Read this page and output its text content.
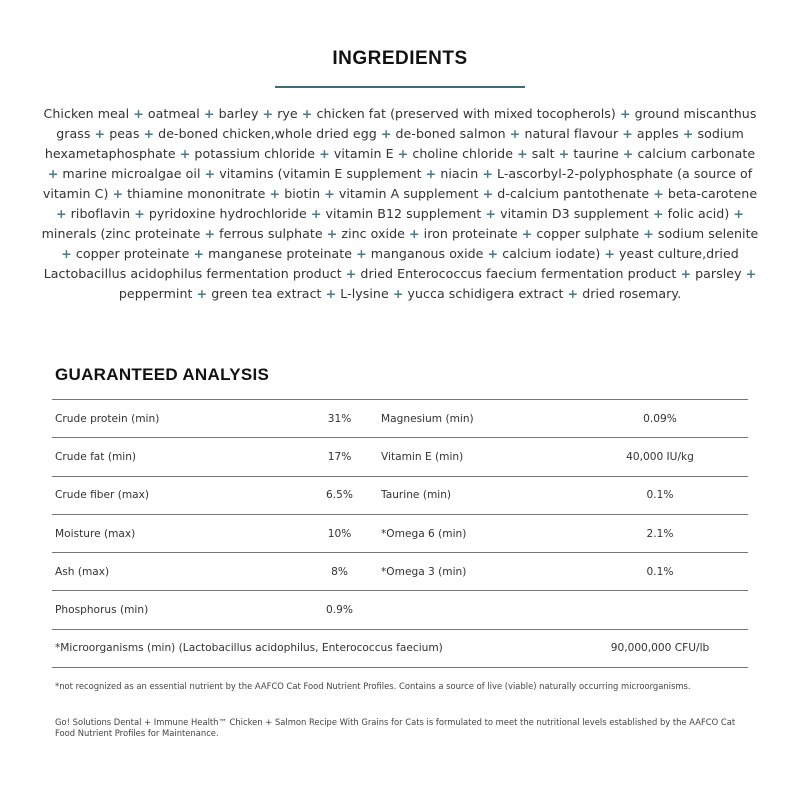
INGREDIENTS
Chicken meal + oatmeal + barley + rye + chicken fat (preserved with mixed tocopherols) + ground miscanthus grass + peas + de-boned chicken,whole dried egg + de-boned salmon + natural flavour + apples + sodium hexametaphosphate + potassium chloride + vitamin E + choline chloride + salt + taurine + calcium carbonate + marine microalgae oil + vitamins (vitamin E supplement + niacin + L-ascorbyl-2-polyphosphate (a source of vitamin C) + thiamine mononitrate + biotin + vitamin A supplement + d-calcium pantothenate + beta-carotene + riboflavin + pyridoxine hydrochloride + vitamin B12 supplement + vitamin D3 supplement + folic acid) + minerals (zinc proteinate + ferrous sulphate + zinc oxide + iron proteinate + copper sulphate + sodium selenite + copper proteinate + manganese proteinate + manganous oxide + calcium iodate) + yeast culture,dried Lactobacillus acidophilus fermentation product + dried Enterococcus faecium fermentation product + parsley + peppermint + green tea extract + L-lysine + yucca schidigera extract + dried rosemary.
GUARANTEED ANALYSIS
Crude protein (min)	31%	Magnesium (min)	0.09%
Crude fat (min)	17%	Vitamin E (min)	40,000 IU/kg
Crude fiber (max)	6.5%	Taurine (min)	0.1%
Moisture (max)	10%	*Omega 6 (min)	2.1%
Ash (max)	8%	*Omega 3 (min)	0.1%
Phosphorus (min)	0.9%
*Microorganisms (min) (Lactobacillus acidophilus, Enterococcus faecium)	90,000,000 CFU/lb
*not recognized as an essential nutrient by the AAFCO Cat Food Nutrient Profiles. Contains a source of live (viable) naturally occurring microorganisms.
Go! Solutions Dental + Immune Health™ Chicken + Salmon Recipe With Grains for Cats is formulated to meet the nutritional levels established by the AAFCO Cat Food Nutrient Profiles for Maintenance.
